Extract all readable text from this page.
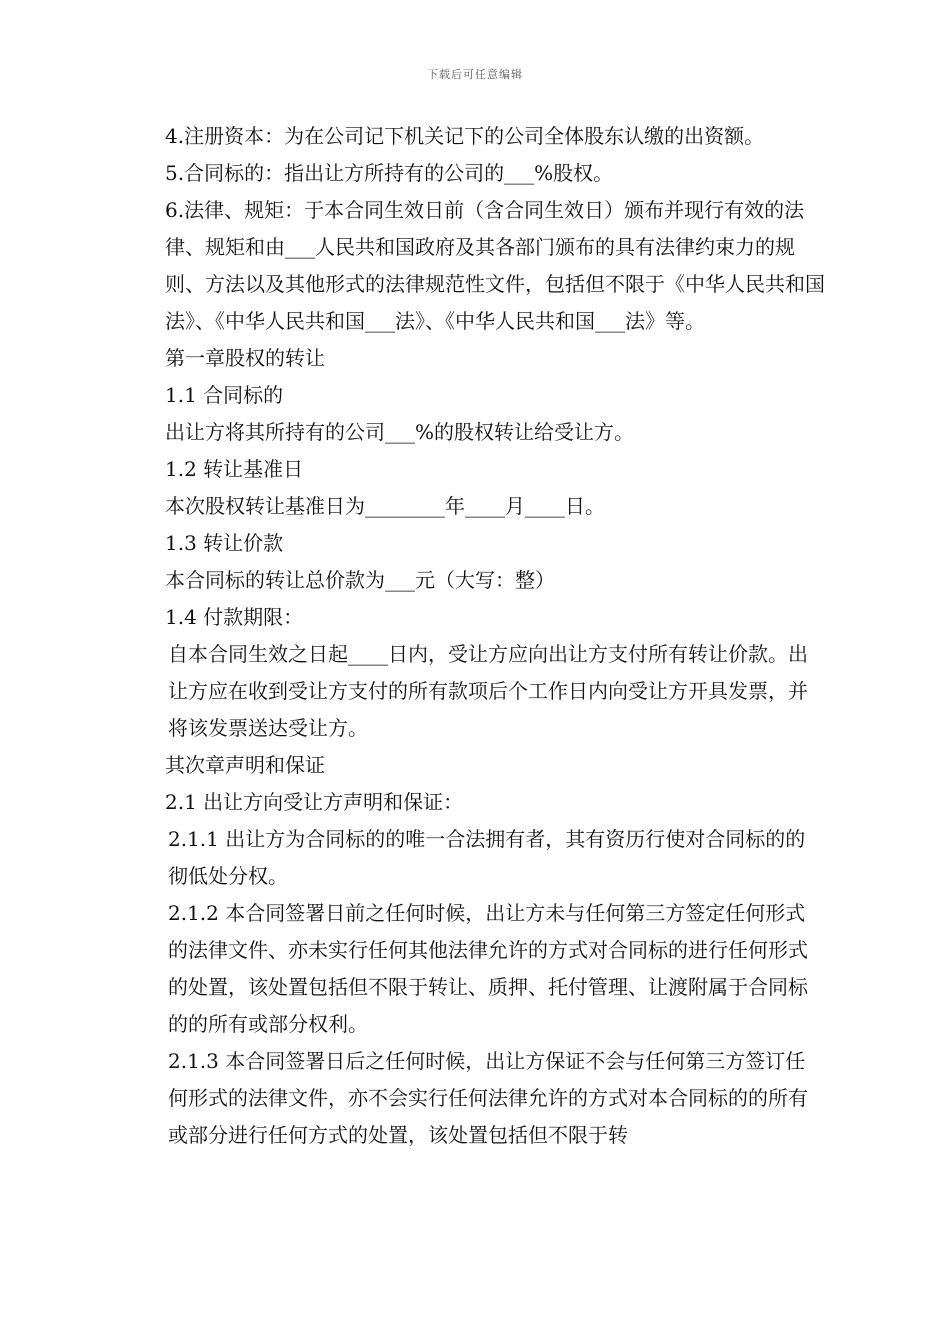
下载后可任意编辑

4.注册资本：为在公司记下机关记下的公司全体股东认缴的出资额。

5.合同标的：指出让方所持有的公司的___%股权。

6.法律、规矩：于本合同生效日前（含合同生效日）颁布并现行有效的法律、规矩和由___人民共和国政府及其各部门颁布的具有法律约束力的规则、方法以及其他形式的法律规范性文件，包括但不限于《中华人民共和国法》、《中华人民共和国___法》、《中华人民共和国___法》等。

第一章股权的转让

1.1 合同标的

出让方将其所持有的公司___%的股权转让给受让方。

1.2 转让基准日

本次股权转让基准日为________年____月____日。

1.3 转让价款

本合同标的转让总价款为___元（大写：整）

1.4 付款期限：

自本合同生效之日起____日内，受让方应向出让方支付所有转让价款。出让方应在收到受让方支付的所有款项后个工作日内向受让方开具发票，并将该发票送达受让方。

其次章声明和保证

2.1 出让方向受让方声明和保证：

2.1.1 出让方为合同标的的唯一合法拥有者，其有资历行使对合同标的的彻低处分权。

2.1.2 本合同签署日前之任何时候，出让方未与任何第三方签定任何形式的法律文件、亦未实行任何其他法律允许的方式对合同标的进行任何形式的处置，该处置包括但不限于转让、质押、托付管理、让渡附属于合同标的的所有或部分权利。

2.1.3 本合同签署日后之任何时候，出让方保证不会与任何第三方签订任何形式的法律文件，亦不会实行任何法律允许的方式对本合同标的的所有或部分进行任何方式的处置，该处置包括但不限于转
